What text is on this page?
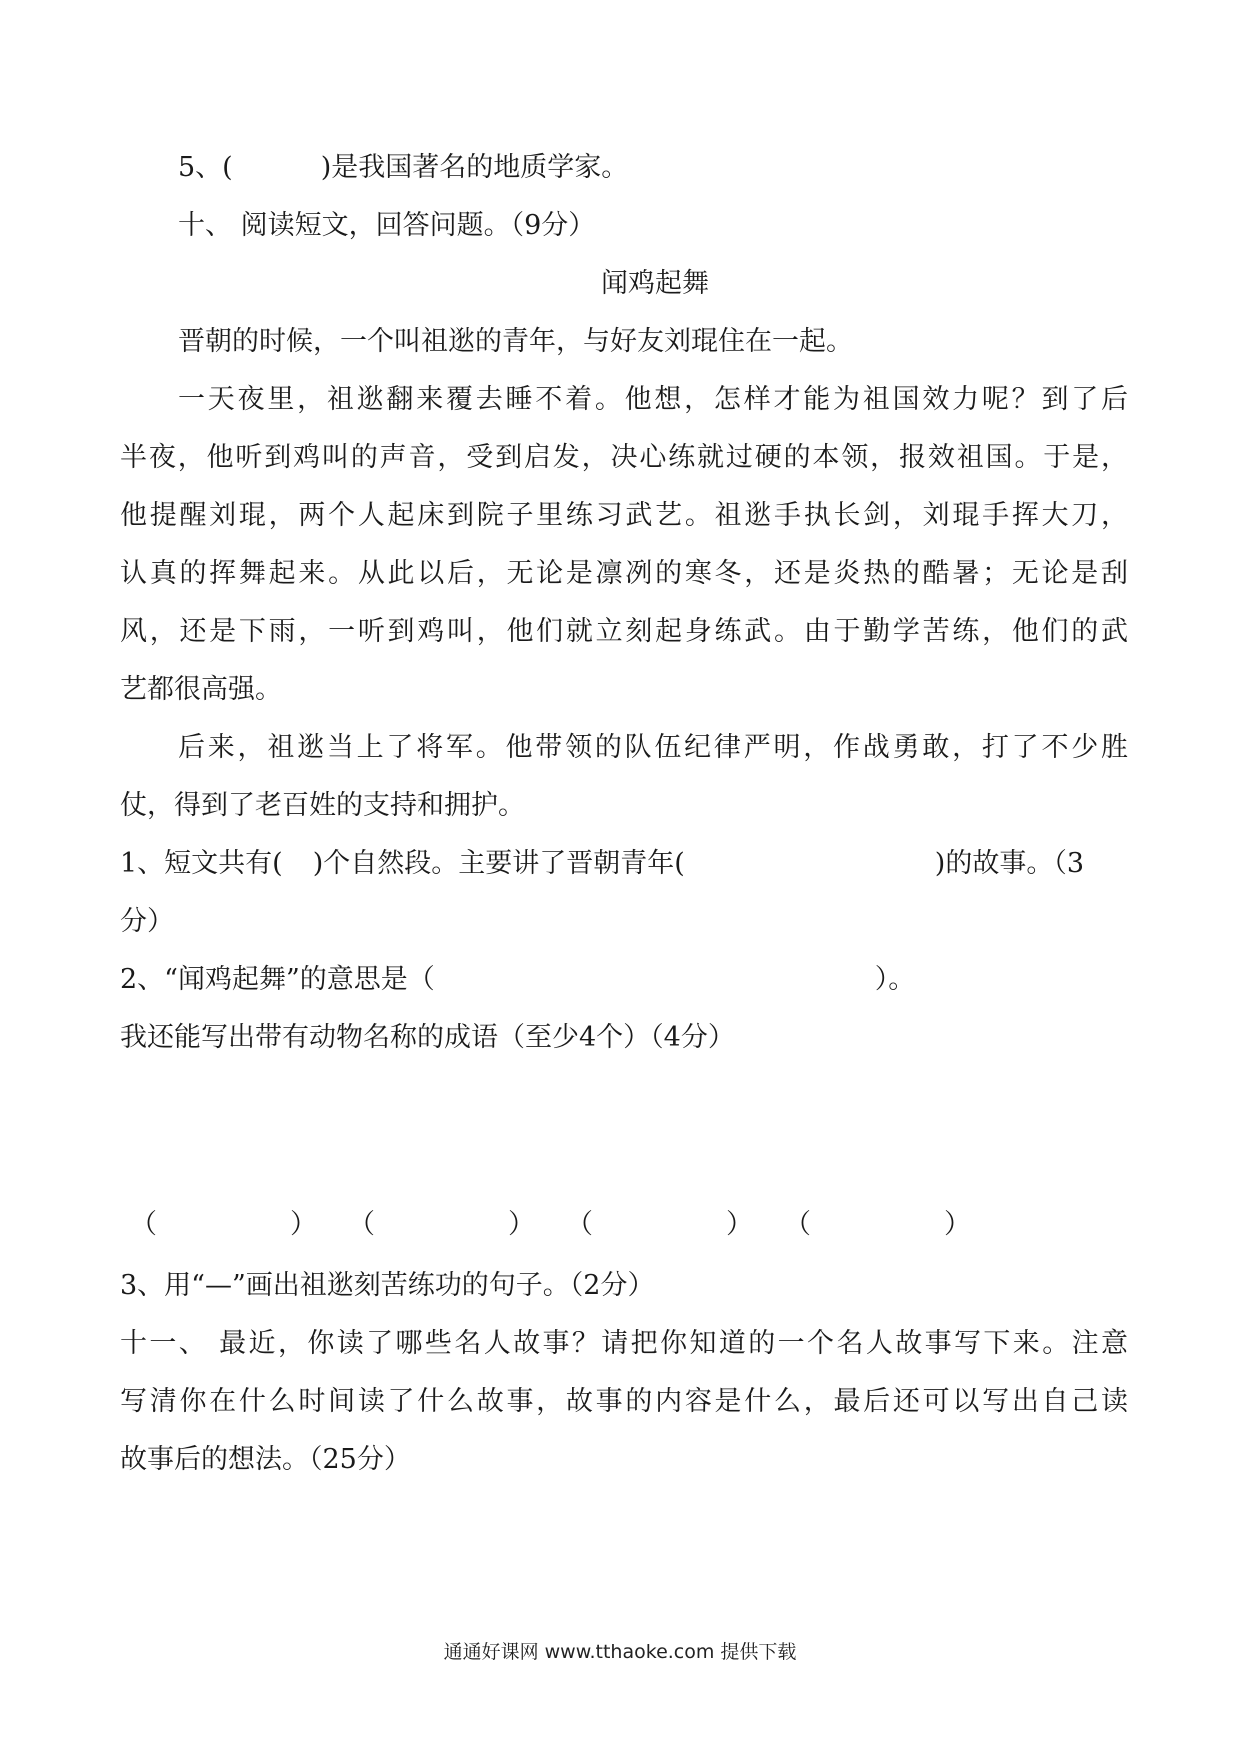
5、(	)是我国著名的地质学家。
十、 阅读短文，回答问题。（9分）
闻鸡起舞
晋朝的时候，一个叫祖逖的青年，与好友刘琨住在一起。
一天夜里，祖逖翻来覆去睡不着。他想，怎样才能为祖国效力呢？到了后
半夜，他听到鸡叫的声音，受到启发，决心练就过硬的本领，报效祖国。于是，
他提醒刘琨，两个人起床到院子里练习武艺。祖逖手执长剑，刘琨手挥大刀，
认真的挥舞起来。从此以后，无论是凛冽的寒冬，还是炎热的酷暑；无论是刮
风，还是下雨，一听到鸡叫，他们就立刻起身练武。由于勤学苦练，他们的武
艺都很高强。
后来，祖逖当上了将军。他带领的队伍纪律严明，作战勇敢，打了不少胜
仗，得到了老百姓的支持和拥护。
1、短文共有( )个自然段。主要讲了晋朝青年(	)的故事。（3
分）
2、“闻鸡起舞”的意思是（	）。
我还能写出带有动物名称的成语（至少4个）（4分）
（	） （	） （	） （	）
3、用“—”画出祖逖刻苦练功的句子。（2分）
十一、 最近，你读了哪些名人故事？请把你知道的一个名人故事写下来。注意
写清你在什么时间读了什么故事，故事的内容是什么，最后还可以写出自己读
故事后的想法。（25分）
通通好课网 www.tthaoke.com 提供下载
